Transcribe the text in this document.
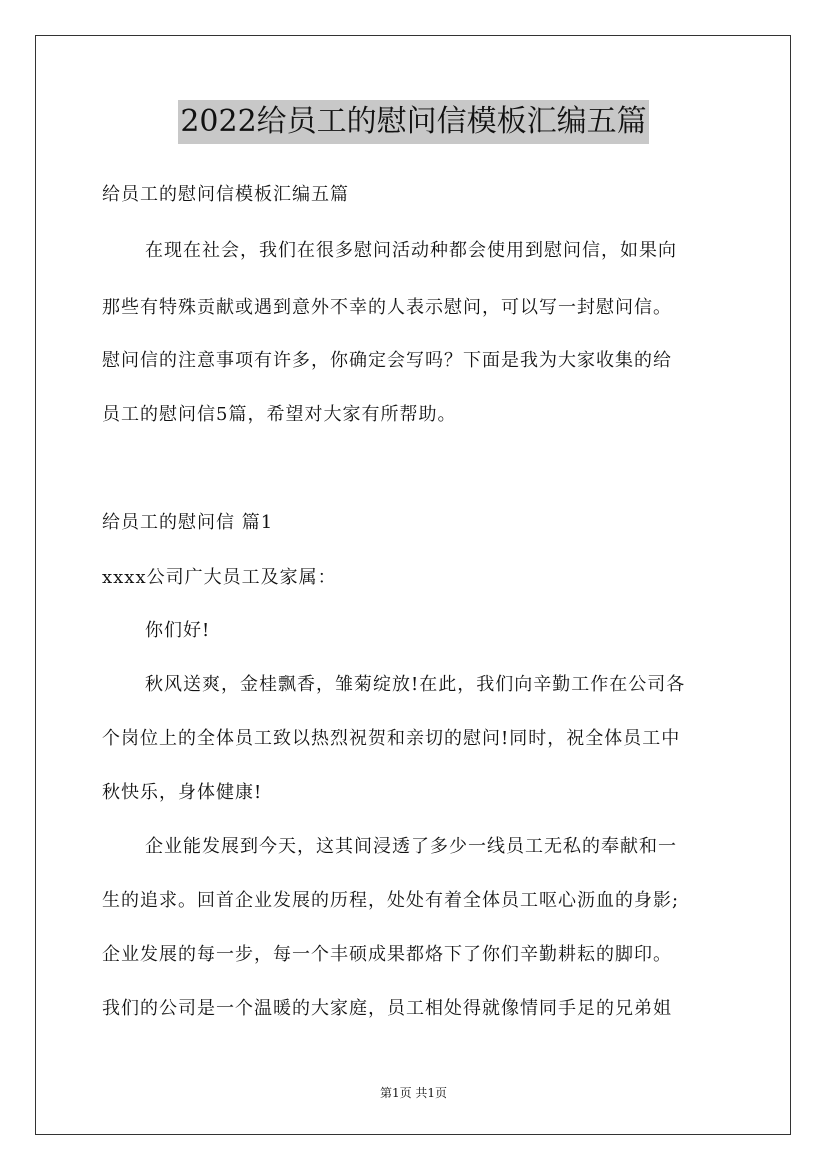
2022给员工的慰问信模板汇编五篇
给员工的慰问信模板汇编五篇
在现在社会，我们在很多慰问活动种都会使用到慰问信，如果向
那些有特殊贡献或遇到意外不幸的人表示慰问，可以写一封慰问信。
慰问信的注意事项有许多，你确定会写吗？下面是我为大家收集的给
员工的慰问信5篇，希望对大家有所帮助。
给员工的慰问信 篇1
xxxx公司广大员工及家属：
你们好!
秋风送爽，金桂飘香，雏菊绽放!在此，我们向辛勤工作在公司各
个岗位上的全体员工致以热烈祝贺和亲切的慰问!同时，祝全体员工中
秋快乐，身体健康!
企业能发展到今天，这其间浸透了多少一线员工无私的奉献和一
生的追求。回首企业发展的历程，处处有着全体员工呕心沥血的身影;
企业发展的每一步，每一个丰硕成果都烙下了你们辛勤耕耘的脚印。
我们的公司是一个温暖的大家庭，员工相处得就像情同手足的兄弟姐
第1页 共1页
